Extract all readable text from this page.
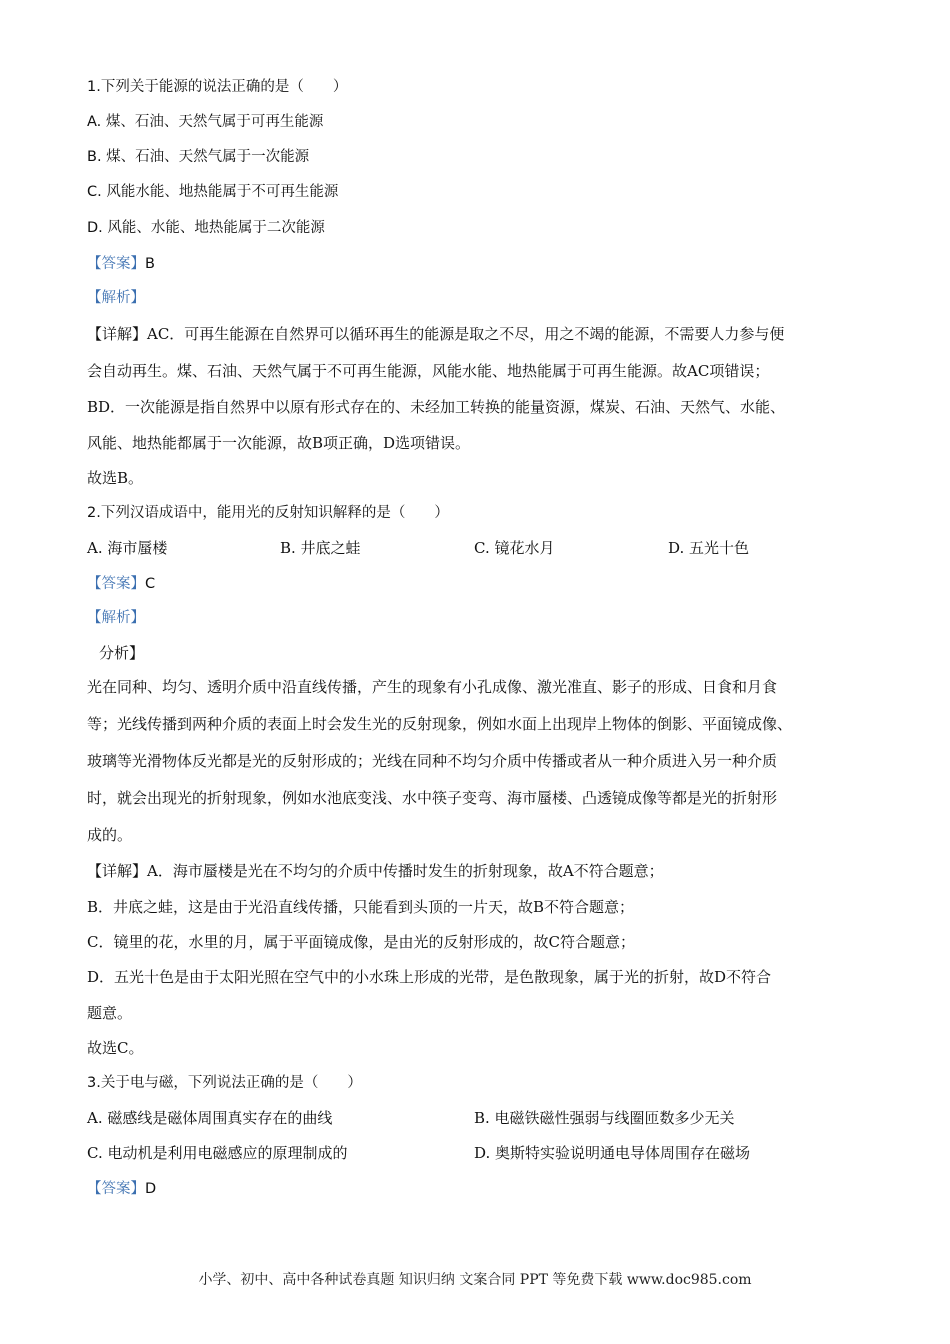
1.下列关于能源的说法正确的是（　　）
A. 煤、石油、天然气属于可再生能源
B. 煤、石油、天然气属于一次能源
C. 风能水能、地热能属于不可再生能源
D. 风能、水能、地热能属于二次能源
【答案】B
【解析】
【详解】AC．可再生能源在自然界可以循环再生的能源是取之不尽，用之不竭的能源，不需要人力参与便
会自动再生。煤、石油、天然气属于不可再生能源，风能水能、地热能属于可再生能源。故AC项错误；
BD．一次能源是指自然界中以原有形式存在的、未经加工转换的能量资源，煤炭、石油、天然气、水能、
风能、地热能都属于一次能源，故B项正确，D选项错误。
故选B。
2.下列汉语成语中，能用光的反射知识解释的是（　　）
A. 海市蜃楼	B. 井底之蛙	C. 镜花水月	D. 五光十色
【答案】C
【解析】
分析】
光在同种、均匀、透明介质中沿直线传播，产生的现象有小孔成像、激光准直、影子的形成、日食和月食
等；光线传播到两种介质的表面上时会发生光的反射现象，例如水面上出现岸上物体的倒影、平面镜成像、
玻璃等光滑物体反光都是光的反射形成的；光线在同种不均匀介质中传播或者从一种介质进入另一种介质
时，就会出现光的折射现象，例如水池底变浅、水中筷子变弯、海市蜃楼、凸透镜成像等都是光的折射形
成的。
【详解】A．海市蜃楼是光在不均匀的介质中传播时发生的折射现象，故A不符合题意；
B．井底之蛙，这是由于光沿直线传播，只能看到头顶的一片天，故B不符合题意；
C．镜里的花，水里的月，属于平面镜成像，是由光的反射形成的，故C符合题意；
D．五光十色是由于太阳光照在空气中的小水珠上形成的光带，是色散现象，属于光的折射，故D不符合
题意。
故选C。
3.关于电与磁，下列说法正确的是（　　）
A. 磁感线是磁体周围真实存在的曲线	B. 电磁铁磁性强弱与线圈匝数多少无关
C. 电动机是利用电磁感应的原理制成的	D. 奥斯特实验说明通电导体周围存在磁场
【答案】D
小学、初中、高中各种试卷真题 知识归纳 文案合同 PPT 等免费下载 www.doc985.com
